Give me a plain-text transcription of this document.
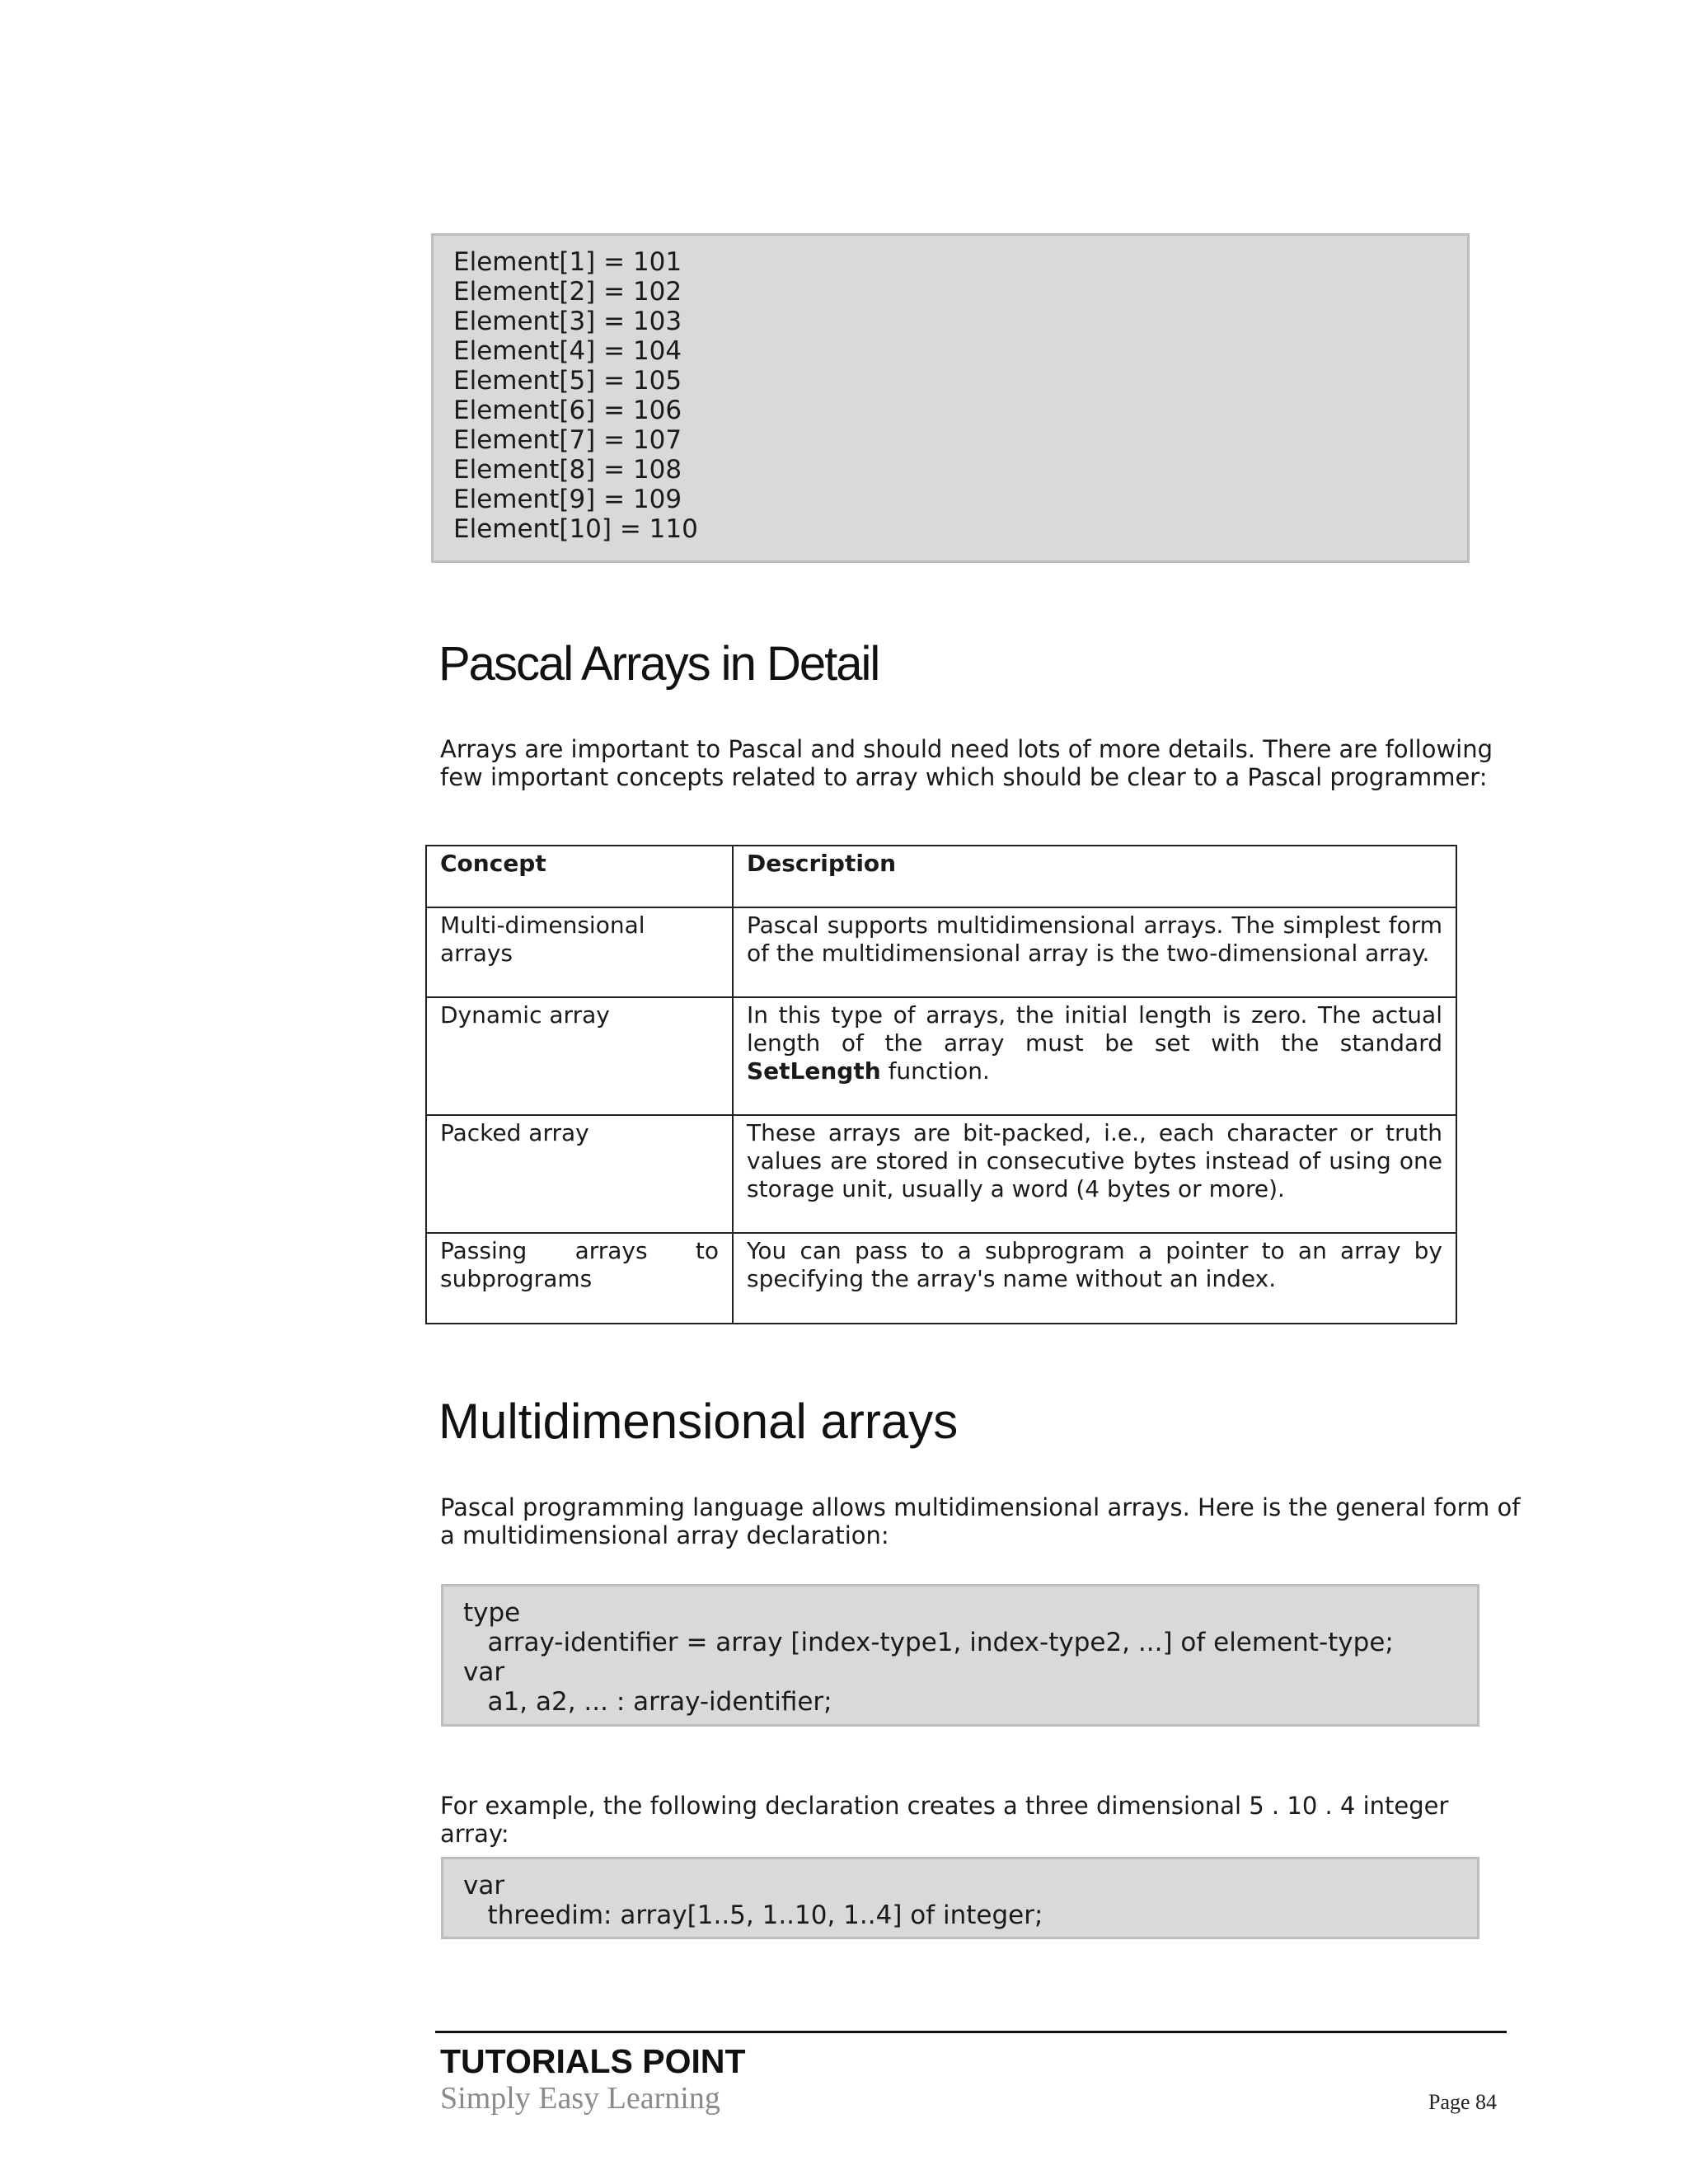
Element[1] = 101
Element[2] = 102
Element[3] = 103
Element[4] = 104
Element[5] = 105
Element[6] = 106
Element[7] = 107
Element[8] = 108
Element[9] = 109
Element[10] = 110
Pascal Arrays in Detail
Arrays are important to Pascal and should need lots of more details. There are following
few important concepts related to array which should be clear to a Pascal programmer:
Concept	Description
Multi-dimensional arrays	Pascal supports multidimensional arrays. The simplest form of the multidimensional array is the two-dimensional array.
Dynamic array	In this type of arrays, the initial length is zero. The actual length of the array must be set with the standard SetLength function.
Packed array	These arrays are bit-packed, i.e., each character or truth values are stored in consecutive bytes instead of using one storage unit, usually a word (4 bytes or more).
Passing arrays to subprograms	You can pass to a subprogram a pointer to an array by specifying the array's name without an index.
Multidimensional arrays
Pascal programming language allows multidimensional arrays. Here is the general form of
a multidimensional array declaration:
type
array-identifier = array [index-type1, index-type2, ...] of element-type;
var
a1, a2, ... : array-identifier;
For example, the following declaration creates a three dimensional 5 . 10 . 4 integer
array:
var
threedim: array[1..5, 1..10, 1..4] of integer;
TUTORIALS POINT
Simply Easy Learning	Page 84
